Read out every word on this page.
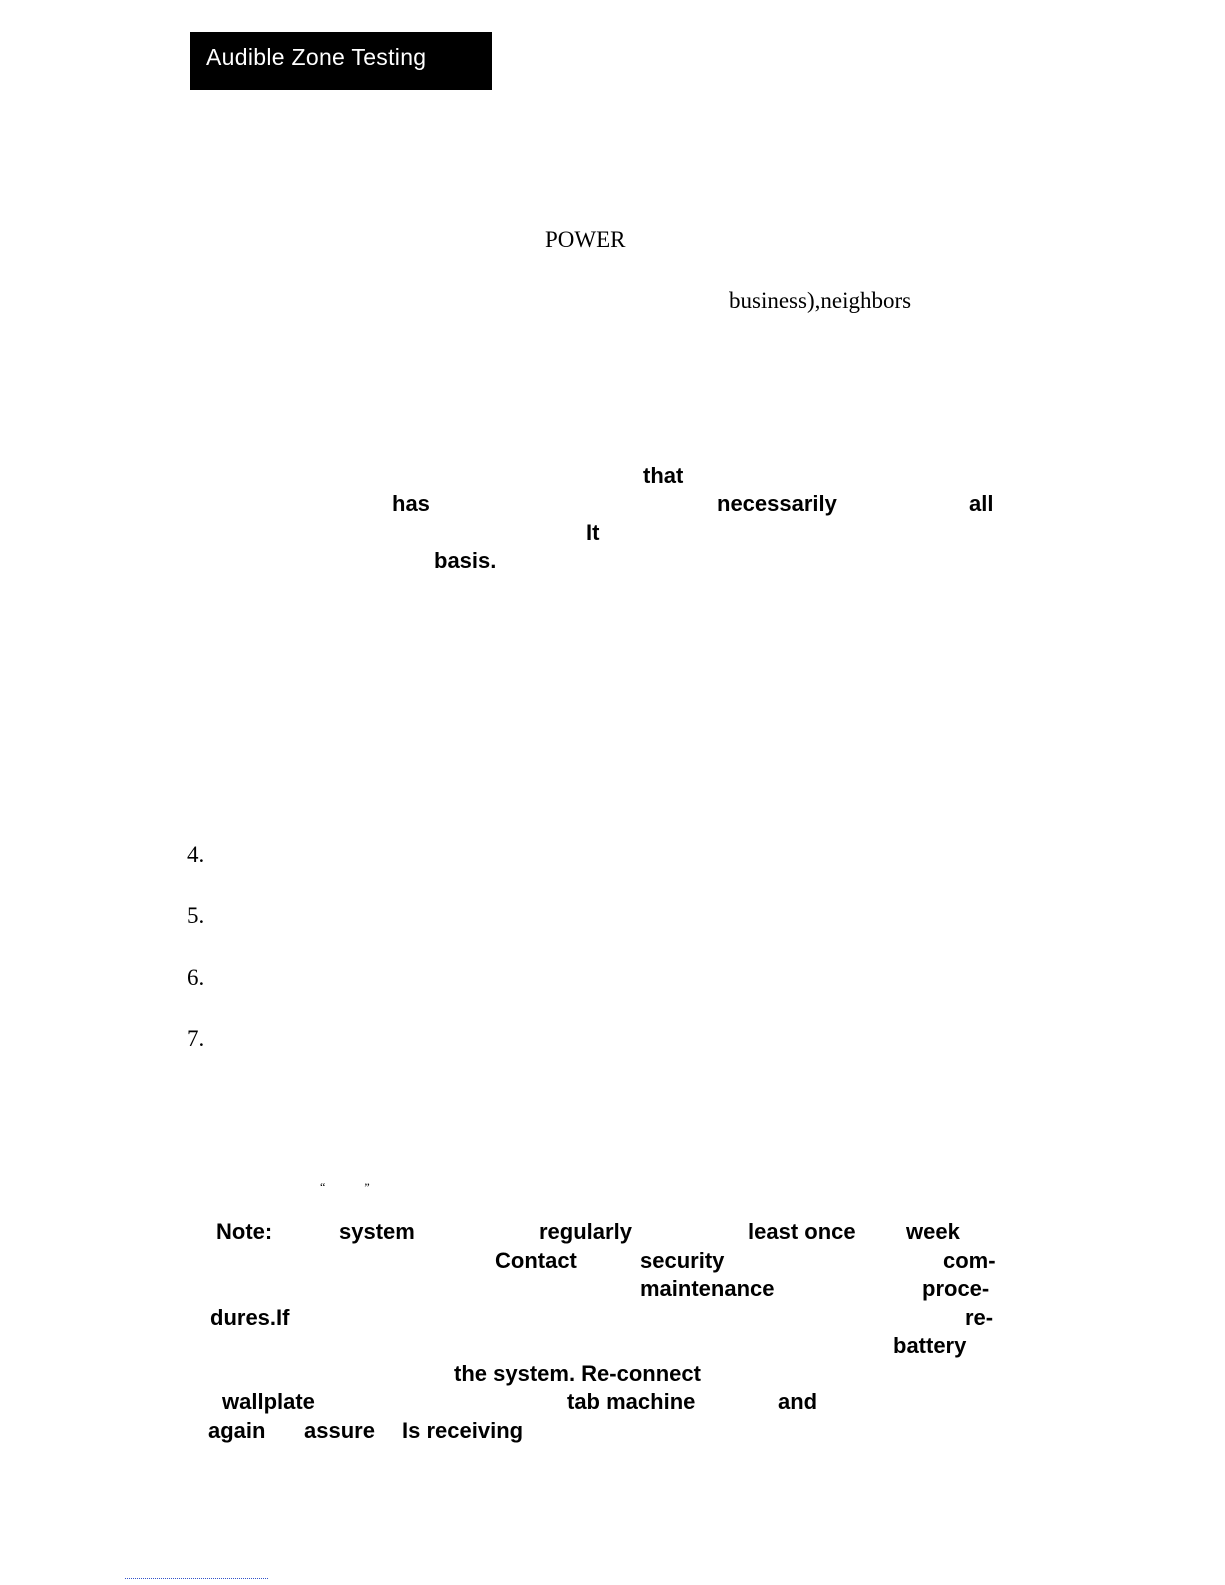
Audible Zone Testing
POWER
business),neighbors
that
has	necessarily	all
It
basis.
4.
5.
6.
7.
“ ”
Note:	system	regularly	least once week
Contact	security	com-
maintenance	proce-
dures.If	re-
battery
the system. Re-connect
wallplate	tab machine	and
again assure Is receiving
